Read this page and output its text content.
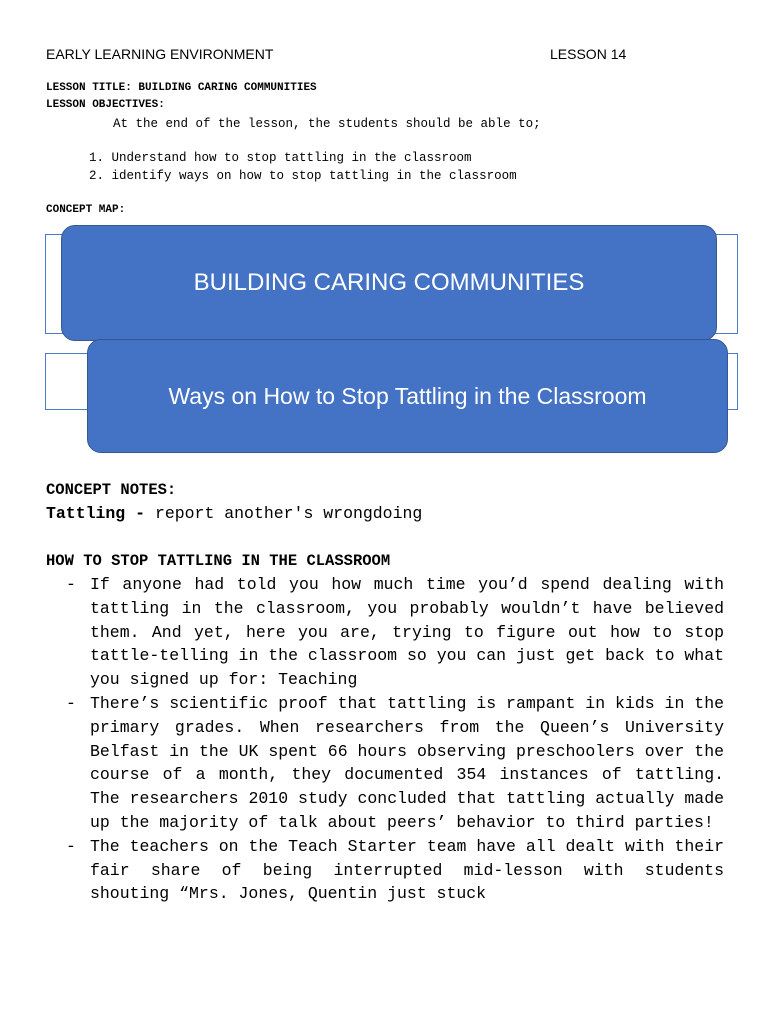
EARLY LEARNING ENVIRONMENT	LESSON 14
LESSON TITLE: BUILDING CARING COMMUNITIES
LESSON OBJECTIVES:
At the end of the lesson, the students should be able to;
1. Understand how to stop tattling in the classroom
2. identify ways on how to stop tattling in the classroom
CONCEPT MAP:
BUILDING CARING COMMUNITIES
Ways on How to Stop Tattling in the Classroom
CONCEPT NOTES:
Tattling - report another's wrongdoing
HOW TO STOP TATTLING IN THE CLASSROOM
- If anyone had told you how much time you’d spend dealing with tattling in the classroom, you probably wouldn’t have believed them. And yet, here you are, trying to figure out how to stop tattle-telling in the classroom so you can just get back to what you signed up for: Teaching
- There’s scientific proof that tattling is rampant in kids in the primary grades. When researchers from the Queen’s University Belfast in the UK spent 66 hours observing preschoolers over the course of a month, they documented 354 instances of tattling. The researchers 2010 study concluded that tattling actually made up the majority of talk about peers’ behavior to third parties!
- The teachers on the Teach Starter team have all dealt with their fair share of being interrupted mid-lesson with students shouting “Mrs. Jones, Quentin just stuck
